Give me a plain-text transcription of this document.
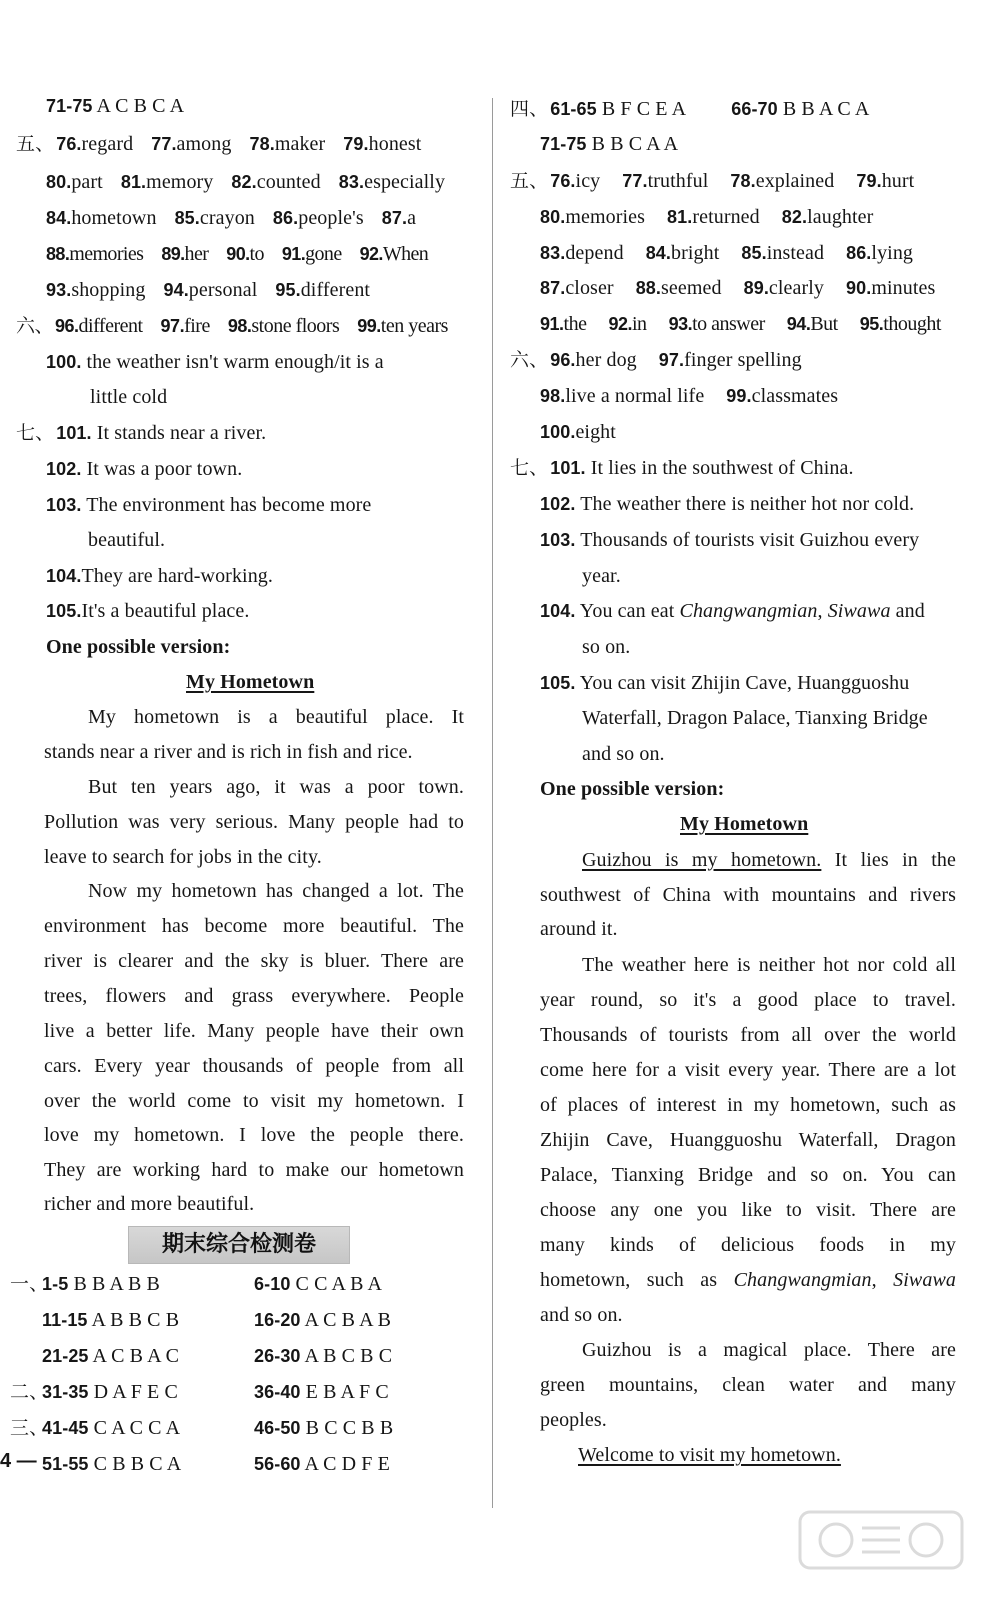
71-75 A C B C A
五、 76.regard 77.among 78.maker 79.honest
80.part 81.memory 82.counted 83.especially
84.hometown 85.crayon 86.people's 87.a
88.memories 89.her 90.to 91.gone 92.When
93.shopping 94.personal 95.different
六、 96.different 97.fire 98.stone floors 99.ten years
100. the weather isn't warm enough/it is a
little cold
七、 101. It stands near a river.
102. It was a poor town.
103. The environment has become more
beautiful.
104.They are hard-working.
105.It's a beautiful place.
One possible version:
My Hometown
My hometown is a beautiful place. It
stands near a river and is rich in fish and rice.
But ten years ago, it was a poor town.
Pollution was very serious. Many people had to
leave to search for jobs in the city.
Now my hometown has changed a lot. The
environment has become more beautiful. The
river is clearer and the sky is bluer. There are
trees, flowers and grass everywhere. People
live a better life. Many people have their own
cars. Every year thousands of people from all
over the world come to visit my hometown. I
love my hometown. I love the people there.
They are working hard to make our hometown
richer and more beautiful.
期末综合检测卷
一、1-5 B B A B B	6-10 C C A B A
11-15 A B B C B	16-20 A C B A B
21-25 A C B A C	26-30 A B C B C
二、31-35 D A F E C	36-40 E B A F C
三、41-45 C A C C A	46-50 B C C B B
51-55 C B B C A	56-60 A C D F E
4 —
四、 61-65 B F C E A	66-70 B B A C A
71-75 B B C A A
五、 76.icy 77.truthful 78.explained 79.hurt
80.memories 81.returned 82.laughter
83.depend 84.bright 85.instead 86.lying
87.closer 88.seemed 89.clearly 90.minutes
91.the 92.in 93.to answer 94.But 95.thought
六、 96.her dog 97.finger spelling
98.live a normal life 99.classmates
100.eight
七、 101. It lies in the southwest of China.
102. The weather there is neither hot nor cold.
103. Thousands of tourists visit Guizhou every
year.
104. You can eat Changwangmian, Siwawa and
so on.
105. You can visit Zhijin Cave, Huangguoshu
Waterfall, Dragon Palace, Tianxing Bridge
and so on.
One possible version:
My Hometown
Guizhou is my hometown. It lies in the
southwest of China with mountains and rivers
around it.
The weather here is neither hot nor cold all
year round, so it's a good place to travel.
Thousands of tourists from all over the world
come here for a visit every year. There are a lot
of places of interest in my hometown, such as
Zhijin Cave, Huangguoshu Waterfall, Dragon
Palace, Tianxing Bridge and so on. You can
choose any one you like to visit. There are
many kinds of delicious foods in my
hometown, such as Changwangmian, Siwawa
and so on.
Guizhou is a magical place. There are
green mountains, clean water and many
peoples.
Welcome to visit my hometown.
